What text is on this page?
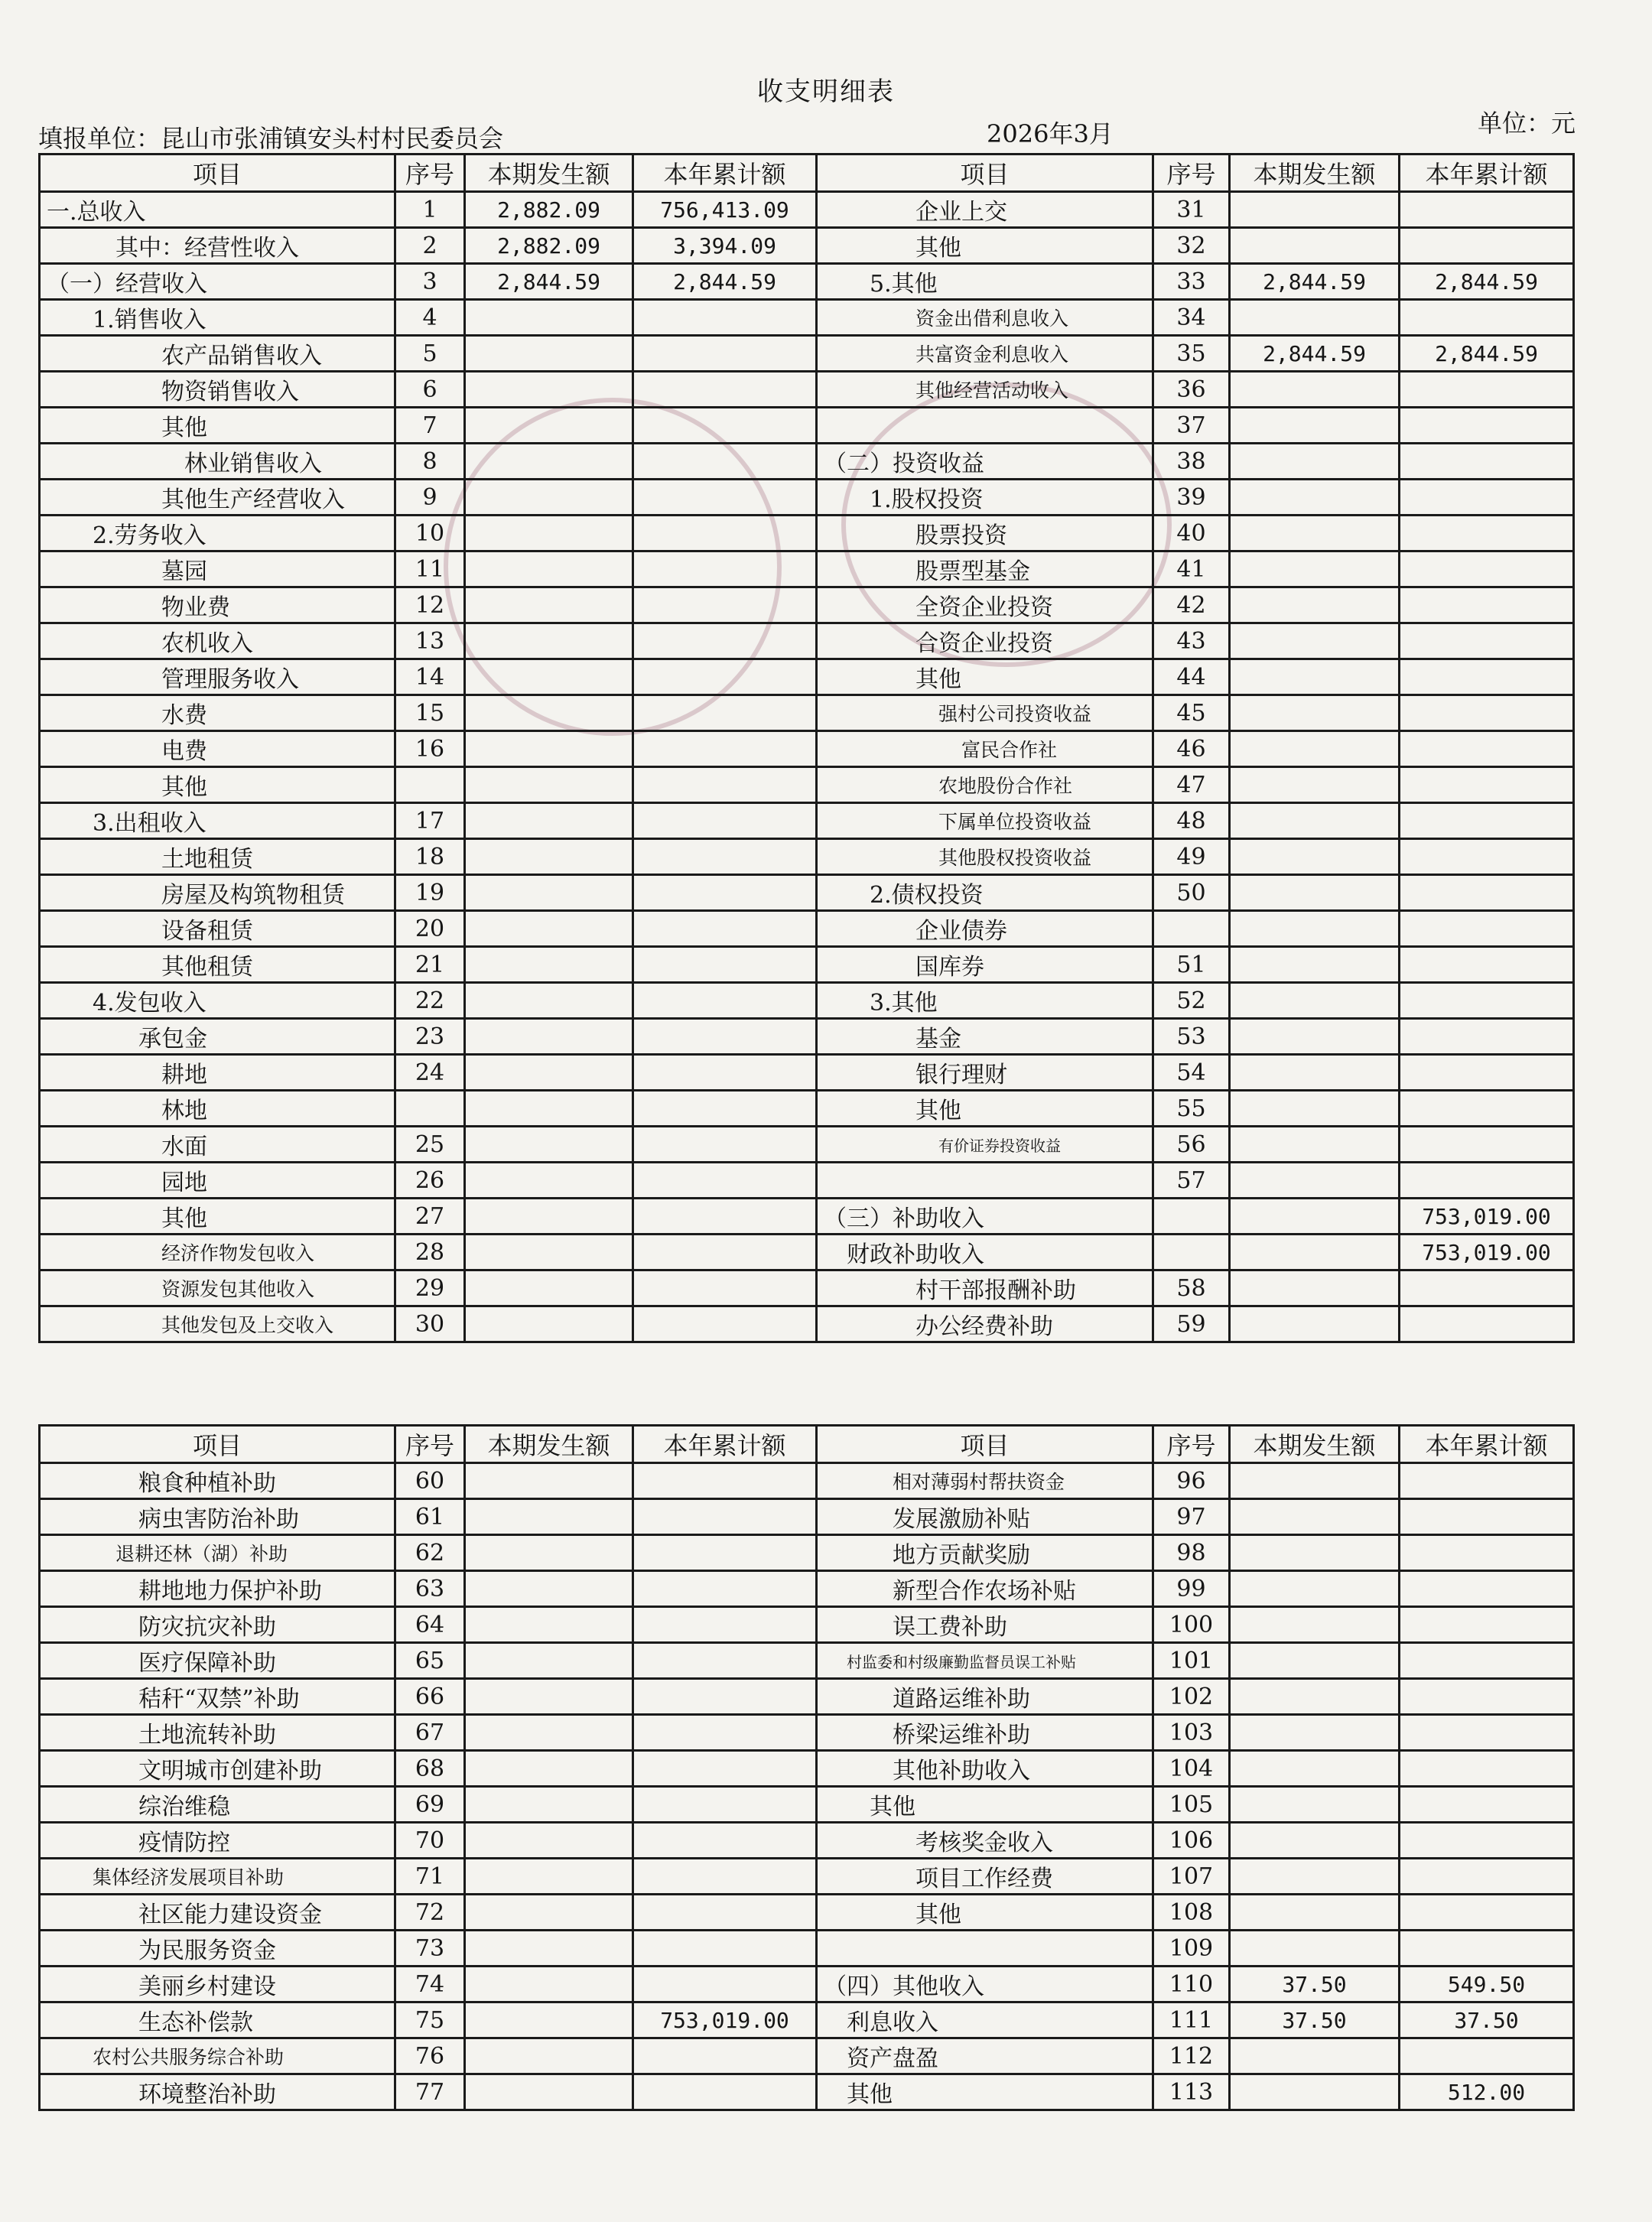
收支明细表
填报单位：昆山市张浦镇安头村村民委员会	2026年3月	单位：元
项目	序号	本期发生额	本年累计额		项目	序号	本期发生额	本年累计额
一.总收入	1	2,882.09	756,413.09		企业上交	31		
其中：经营性收入	2	2,882.09	3,394.09		其他	32		
（一）经营收入	3	2,844.59	2,844.59		5.其他	33	2,844.59	2,844.59
1.销售收入	4				资金出借利息收入	34		
农产品销售收入	5				共富资金利息收入	35	2,844.59	2,844.59
物资销售收入	6				其他经营活动收入	36		
其他	7					37		
林业销售收入	8				（二）投资收益	38		
其他生产经营收入	9				1.股权投资	39		
2.劳务收入	10				股票投资	40		
墓园	11				股票型基金	41		
物业费	12				全资企业投资	42		
农机收入	13				合资企业投资	43		
管理服务收入	14				其他	44		
水费	15				强村公司投资收益	45		
电费	16				富民合作社	46		
其他					农地股份合作社	47		
3.出租收入	17				下属单位投资收益	48		
土地租赁	18				其他股权投资收益	49		
房屋及构筑物租赁	19				2.债权投资	50		
设备租赁	20				企业债券			
其他租赁	21				国库券	51		
4.发包收入	22				3.其他	52		
承包金	23				基金	53		
耕地	24				银行理财	54		
林地					其他	55		
水面	25				有价证券投资收益	56		
园地	26					57		
其他	27				（三）补助收入			753,019.00
经济作物发包收入	28				财政补助收入			753,019.00
资源发包其他收入	29				村干部报酬补助	58		
其他发包及上交收入	30				办公经费补助	59		
项目	序号	本期发生额	本年累计额		项目	序号	本期发生额	本年累计额
粮食种植补助	60				相对薄弱村帮扶资金	96		
病虫害防治补助	61				发展激励补贴	97		
退耕还林（湖）补助	62				地方贡献奖励	98		
耕地地力保护补助	63				新型合作农场补贴	99		
防灾抗灾补助	64				误工费补助	100		
医疗保障补助	65				村监委和村级廉勤监督员误工补贴	101		
秸秆“双禁”补助	66				道路运维补助	102		
土地流转补助	67				桥梁运维补助	103		
文明城市创建补助	68				其他补助收入	104		
综治维稳	69				其他	105		
疫情防控	70				考核奖金收入	106		
集体经济发展项目补助	71				项目工作经费	107		
社区能力建设资金	72				其他	108		
为民服务资金	73					109		
美丽乡村建设	74				（四）其他收入	110	37.50	549.50
生态补偿款	75		753,019.00		利息收入	111	37.50	37.50
农村公共服务综合补助	76				资产盘盈	112		
环境整治补助	77				其他	113		512.00
